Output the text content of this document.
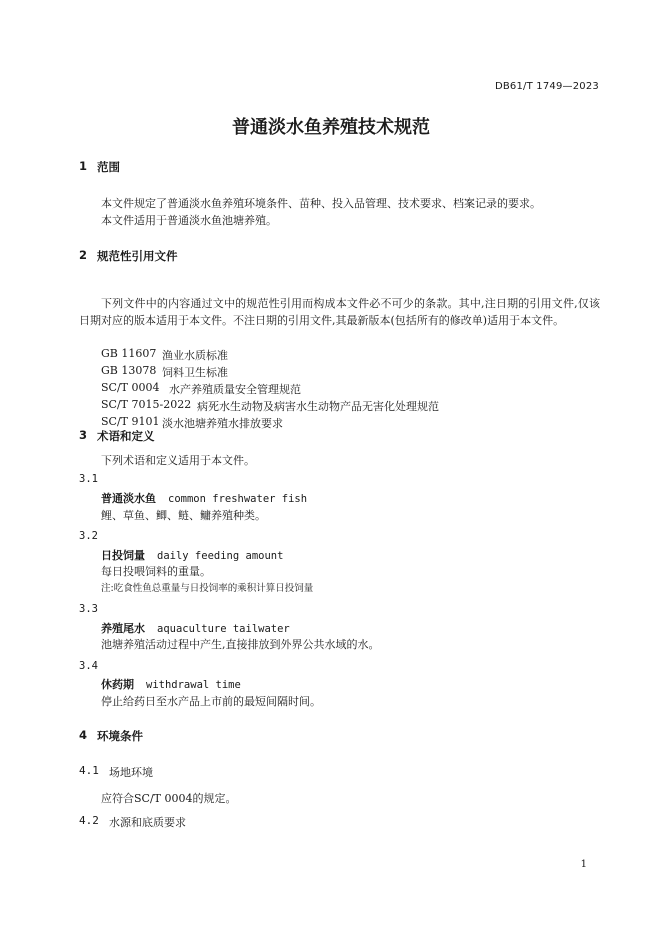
DB61/T 1749—2023
普通淡水鱼养殖技术规范
1 范围
本文件规定了普通淡水鱼养殖环境条件、苗种、投入品管理、技术要求、档案记录的要求。
本文件适用于普通淡水鱼池塘养殖。
2 规范性引用文件
下列文件中的内容通过文中的规范性引用而构成本文件必不可少的条款。其中,注日期的引用文件,仅该日期对应的版本适用于本文件。不注日期的引用文件,其最新版本(包括所有的修改单)适用于本文件。
GB 11607 渔业水质标准
GB 13078 饲料卫生标准
SC/T 0004 水产养殖质量安全管理规范
SC/T 7015-2022 病死水生动物及病害水生动物产品无害化处理规范
SC/T 9101 淡水池塘养殖水排放要求
3 术语和定义
下列术语和定义适用于本文件。
3.1
普通淡水鱼 common freshwater fish
鲤、草鱼、鲫、鲢、鳙养殖种类。
3.2
日投饲量 daily feeding amount
每日投喂饲料的重量。
注:吃食性鱼总重量与日投饲率的乘积计算日投饲量
3.3
养殖尾水 aquaculture tailwater
池塘养殖活动过程中产生,直接排放到外界公共水域的水。
3.4
休药期 withdrawal time
停止给药日至水产品上市前的最短间隔时间。
4 环境条件
4.1 场地环境
应符合SC/T 0004的规定。
4.2 水源和底质要求
1
